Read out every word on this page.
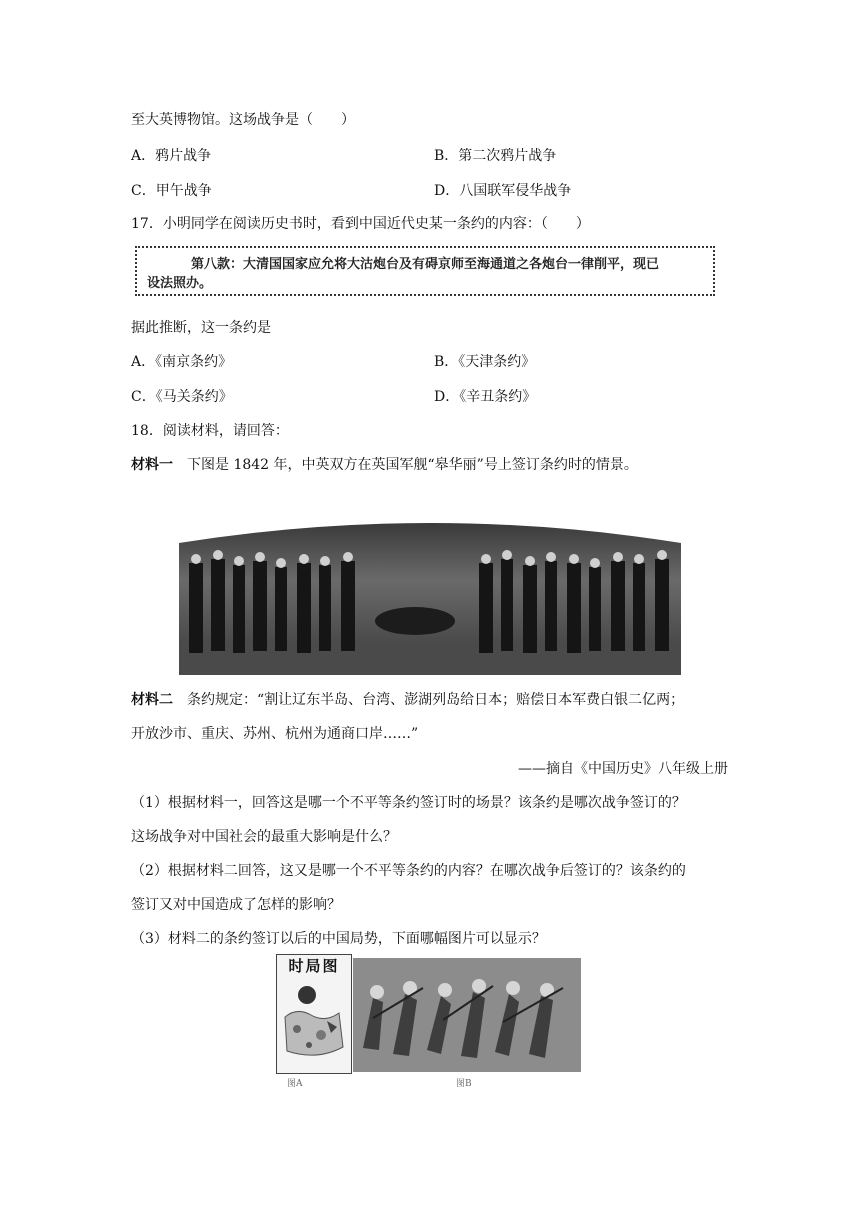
至大英博物馆。这场战争是（　　）
A．鸦片战争	B．第二次鸦片战争
C．甲午战争	D．八国联军侵华战争
17．小明同学在阅读历史书时，看到中国近代史某一条约的内容：（　　）
第八款：大清国国家应允将大沽炮台及有碍京师至海通道之各炮台一律削平，现已
设法照办。
据此推断，这一条约是
A．《南京条约》	B．《天津条约》
C．《马关条约》	D．《辛丑条约》
18．阅读材料，请回答：
材料一　下图是 1842 年，中英双方在英国军舰“皋华丽”号上签订条约时的情景。
材料二　条约规定：“割让辽东半岛、台湾、澎湖列岛给日本；赔偿日本军费白银二亿两；
开放沙市、重庆、苏州、杭州为通商口岸……”
——摘自《中国历史》八年级上册
（1）根据材料一，回答这是哪一个不平等条约签订时的场景？该条约是哪次战争签订的？
这场战争对中国社会的最重大影响是什么？
（2）根据材料二回答，这又是哪一个不平等条约的内容？在哪次战争后签订的？该条约的
签订又对中国造成了怎样的影响？
（3）材料二的条约签订以后的中国局势，下面哪幅图片可以显示？
时局图
图A	图B
